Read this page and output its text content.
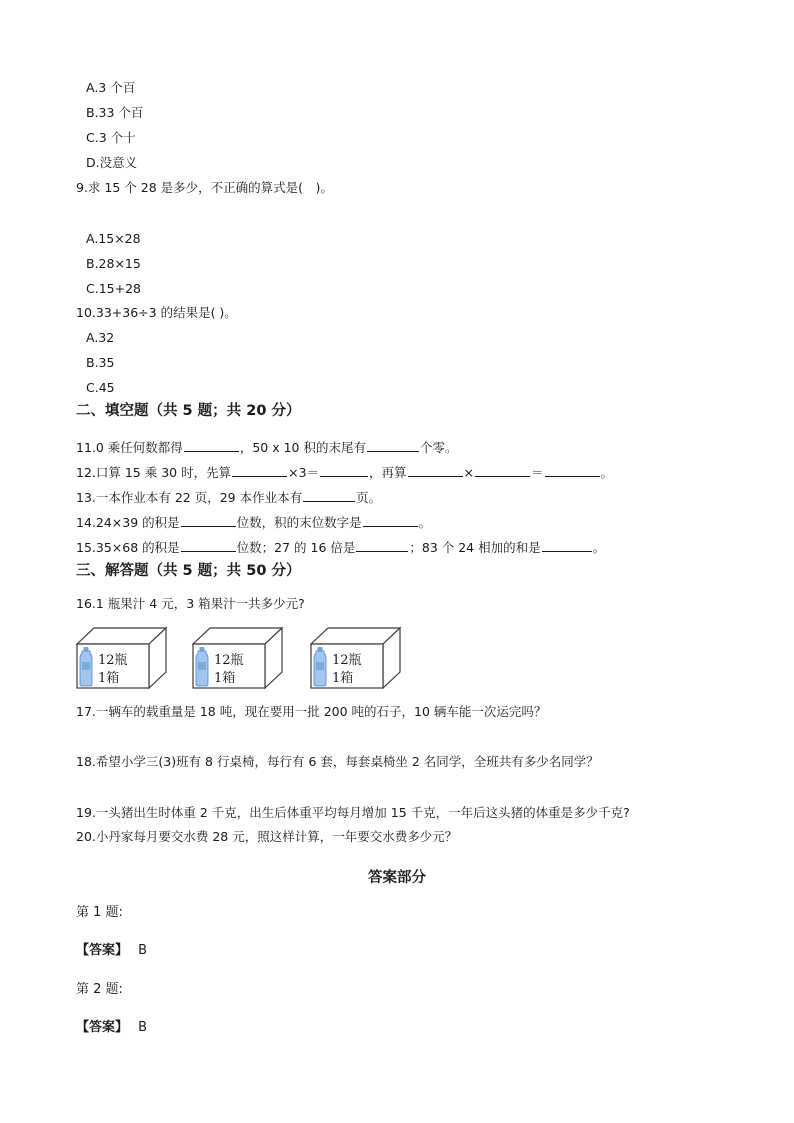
A.3 个百
B.33 个百
C.3 个十
D.没意义
9.求 15 个 28 是多少，不正确的算式是(　)。
A.15×28
B.28×15
C.15+28
10.33+36÷3 的结果是( )。
A.32
B.35
C.45
二、填空题（共 5 题；共 20 分）
11.0 乘任何数都得	，50 x 10 积的末尾有	个零。
12.口算 15 乘 30 时，先算	×3＝	，再算	×	＝	。
13.一本作业本有 22 页，29 本作业本有	页。
14.24×39 的积是	位数，积的末位数字是	。
15.35×68 的积是	位数；27 的 16 倍是	；83 个 24 相加的和是	。
三、解答题（共 5 题；共 50 分）
16.1 瓶果汁 4 元，3 箱果汁一共多少元?
12瓶
1箱
12瓶
1箱
12瓶
1箱
17.一辆车的载重量是 18 吨，现在要用一批 200 吨的石子，10 辆车能一次运完吗？
18.希望小学三(3)班有 8 行桌椅，每行有 6 套，每套桌椅坐 2 名同学，全班共有多少名同学？
19.一头猪出生时体重 2 千克，出生后体重平均每月增加 15 千克，一年后这头猪的体重是多少千克?
20.小丹家每月要交水费 28 元，照这样计算，一年要交水费多少元？
答案部分
第 1 题:
【答案】 B
第 2 题:
【答案】 B
